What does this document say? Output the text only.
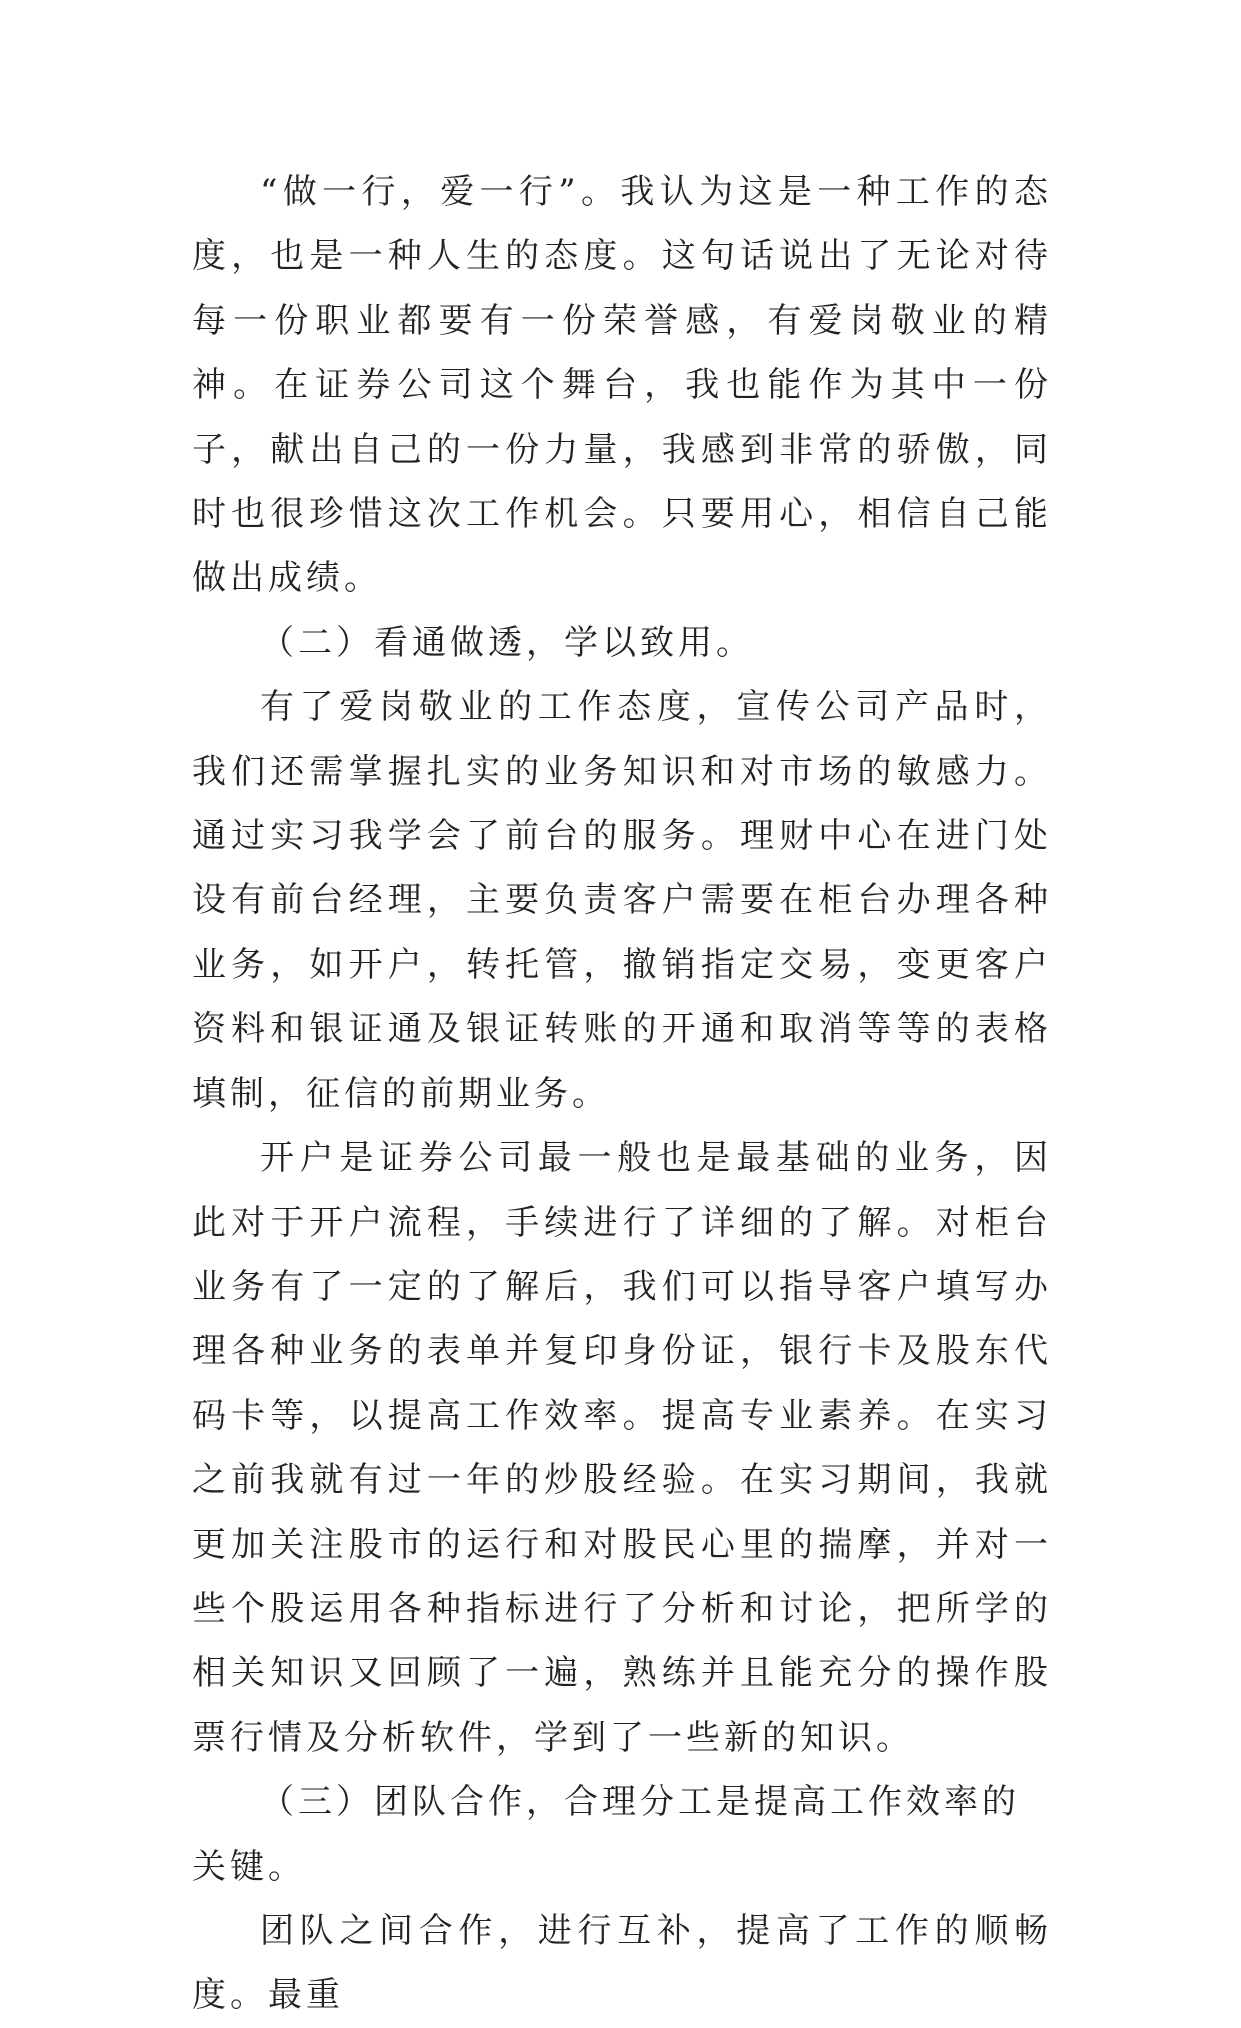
“做一行，爱一行”。我认为这是一种工作的态度，也是一种人生的态度。这句话说出了无论对待每一份职业都要有一份荣誉感，有爱岗敬业的精神。在证券公司这个舞台，我也能作为其中一份子，献出自己的一份力量，我感到非常的骄傲，同时也很珍惜这次工作机会。只要用心，相信自己能做出成绩。

（二）看通做透，学以致用。

有了爱岗敬业的工作态度，宣传公司产品时，我们还需掌握扎实的业务知识和对市场的敏感力。通过实习我学会了前台的服务。理财中心在进门处设有前台经理，主要负责客户需要在柜台办理各种业务，如开户，转托管，撤销指定交易，变更客户资料和银证通及银证转账的开通和取消等等的表格填制，征信的前期业务。

开户是证券公司最一般也是最基础的业务，因此对于开户流程，手续进行了详细的了解。对柜台业务有了一定的了解后，我们可以指导客户填写办理各种业务的表单并复印身份证，银行卡及股东代码卡等，以提高工作效率。提高专业素养。在实习之前我就有过一年的炒股经验。在实习期间，我就更加关注股市的运行和对股民心里的揣摩，并对一些个股运用各种指标进行了分析和讨论，把所学的相关知识又回顾了一遍，熟练并且能充分的操作股票行情及分析软件，学到了一些新的知识。

（三）团队合作，合理分工是提高工作效率的关键。

团队之间合作，进行互补，提高了工作的顺畅度。最重
